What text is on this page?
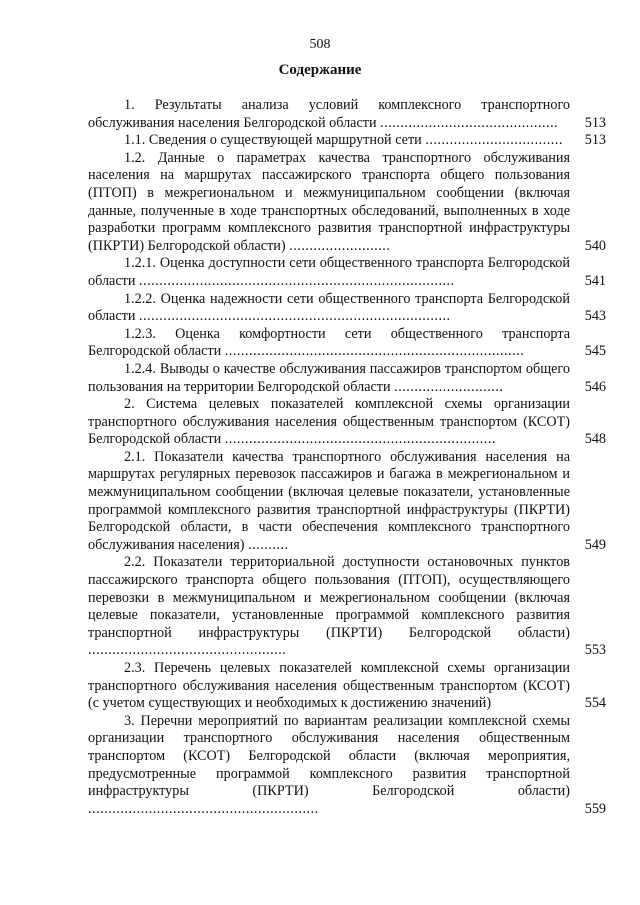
508
Содержание
1. Результаты анализа условий комплексного транспортного обслуживания населения Белгородской области ............................................	513
1.1. Сведения о существующей маршрутной сети ..................................	513
1.2. Данные о параметрах качества транспортного обслуживания населения на маршрутах пассажирского транспорта общего пользования (ПТОП) в межрегиональном и межмуниципальном сообщении (включая данные, полученные в ходе транспортных обследований, выполненных в ходе разработки программ комплексного развития транспортной инфраструктуры (ПКРТИ) Белгородской области) .........................	540
1.2.1. Оценка доступности сети общественного транспорта Белгородской области ..............................................................................	541
1.2.2. Оценка надежности сети общественного транспорта Белгородской области .............................................................................	543
1.2.3. Оценка комфортности сети общественного транспорта Белгородской области ..........................................................................	545
1.2.4. Выводы о качестве обслуживания пассажиров транспортом общего пользования на территории Белгородской области ...........................	546
2. Система целевых показателей комплексной схемы организации транспортного обслуживания населения общественным транспортом (КСОТ) Белгородской области ...................................................................	548
2.1. Показатели качества транспортного обслуживания населения на маршрутах регулярных перевозок пассажиров и багажа в межрегиональном и межмуниципальном сообщении (включая целевые показатели, установленные программой комплексного развития транспортной инфраструктуры (ПКРТИ) Белгородской области, в части обеспечения комплексного транспортного обслуживания населения) ..........	549
2.2. Показатели территориальной доступности остановочных пунктов пассажирского транспорта общего пользования (ПТОП), осуществляющего перевозки в межмуниципальном и межрегиональном сообщении (включая целевые показатели, установленные программой комплексного развития транспортной инфраструктуры (ПКРТИ) Белгородской области) .................................................	553
2.3. Перечень целевых показателей комплексной схемы организации транспортного обслуживания населения общественным транспортом (КСОТ) (с учетом существующих и необходимых к достижению значений)	554
3. Перечни мероприятий по вариантам реализации комплексной схемы организации транспортного обслуживания населения общественным транспортом (КСОТ) Белгородской области (включая мероприятия, предусмотренные программой комплексного развития транспортной инфраструктуры (ПКРТИ) Белгородской области) .........................................................	559
